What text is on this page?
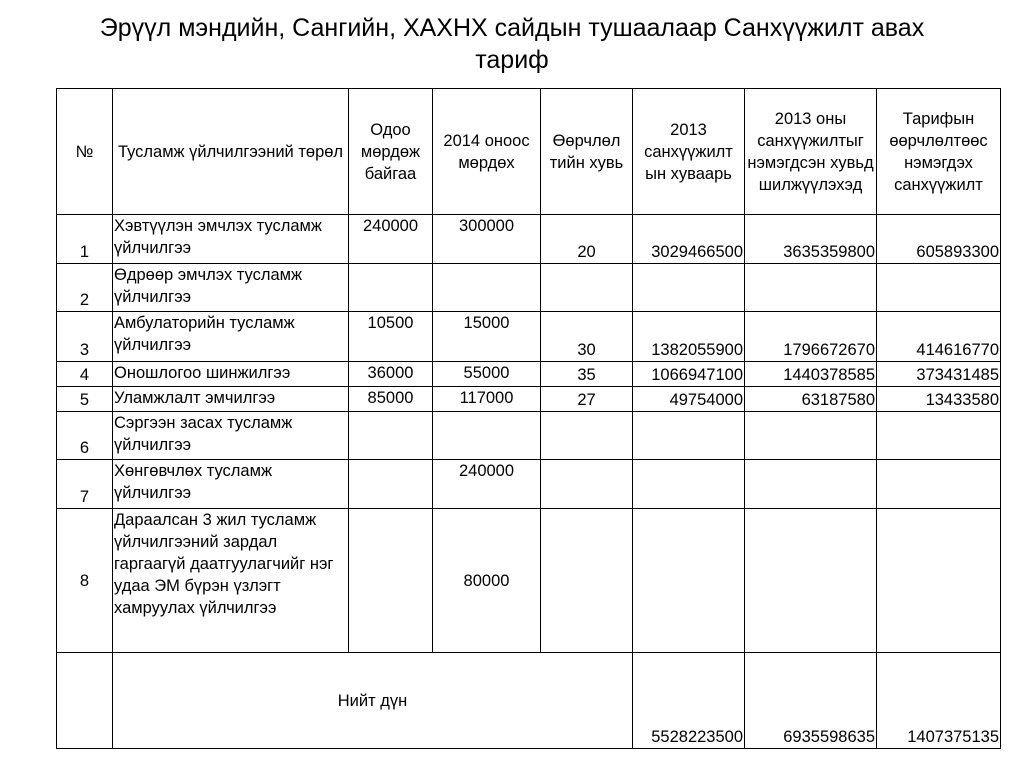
Эрүүл мэндийн, Сангийн, ХАХНХ сайдын тушаалаар Санхүүжилт авах тариф
№	Тусламж үйлчилгээний төрөл	Одоо мөрдөж байгаа	2014 оноос мөрдөх	Өөрчлөл тийн хувь	2013 санхүүжилт ын хуваарь	2013 оны санхүүжилтыг нэмэгдсэн хувьд шилжүүлэхэд	Тарифын өөрчлөлтөөс нэмэгдэх санхүүжилт
1	Хэвтүүлэн эмчлэх тусламж үйлчилгээ	240000	300000	20	3029466500	3635359800	605893300
2	Өдрөөр эмчлэх тусламж үйлчилгээ						
3	Амбулаторийн тусламж үйлчилгээ	10500	15000	30	1382055900	1796672670	414616770
4	Оношлогоо шинжилгээ	36000	55000	35	1066947100	1440378585	373431485
5	Уламжлалт эмчилгээ	85000	117000	27	49754000	63187580	13433580
6	Сэргээн засах тусламж үйлчилгээ						
7	Хөнгөвчлөх тусламж үйлчилгээ		240000				
8	Дараалсан 3 жил тусламж үйлчилгээний зардал гаргаагүй даатгуулагчийг нэг удаа ЭМ бүрэн үзлэгт хамруулах үйлчилгээ		80000				
	Нийт дүн				5528223500	6935598635	1407375135
